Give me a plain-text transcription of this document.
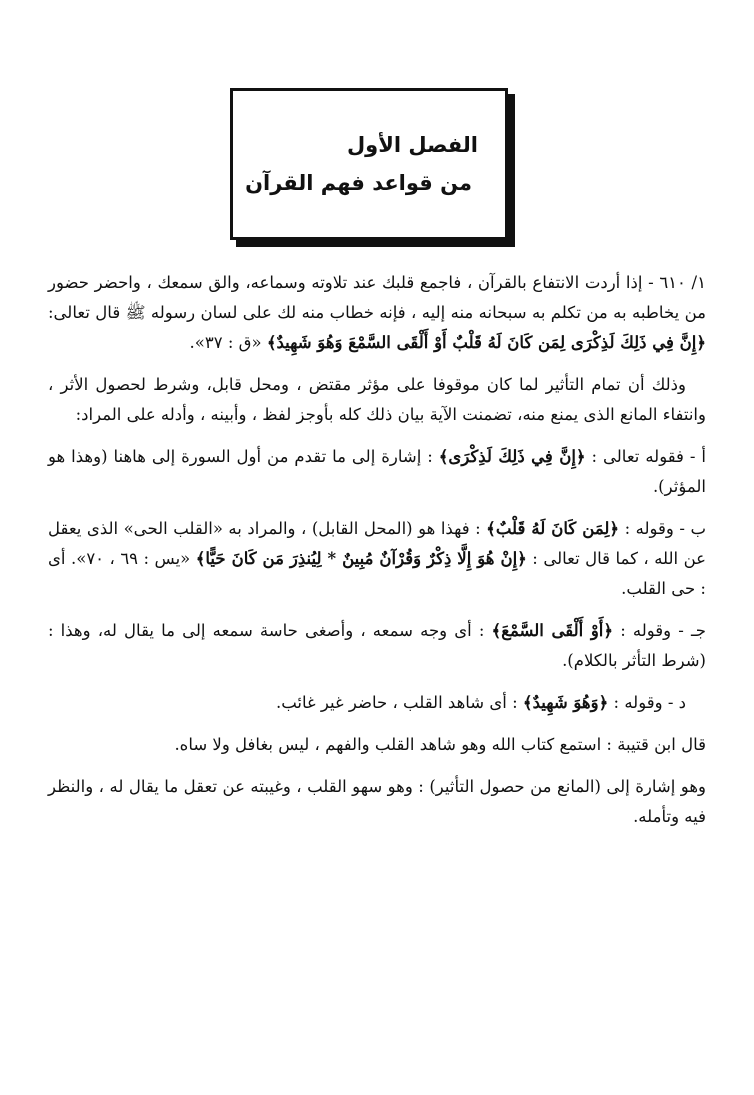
الفصل الأول
من قواعد فهم القرآن

١/ ٦١٠ - إذا أردت الانتفاع بالقرآن ، فاجمع قلبك عند تلاوته وسماعه، والق سمعك ، واحضر حضور من يخاطبه به من تكلم به سبحانه منه إليه ، فإنه خطاب منه لك على لسان رسوله ﷺ قال تعالى: ﴿إِنَّ فِي ذَلِكَ لَذِكْرَى لِمَن كَانَ لَهُ قَلْبٌ أَوْ أَلْقَى السَّمْعَ وَهُوَ شَهِيدٌ﴾ «ق : ٣٧».

وذلك أن تمام التأثير لما كان موقوفا على مؤثر مقتض ، ومحل قابل، وشرط لحصول الأثر ، وانتفاء المانع الذى يمنع منه، تضمنت الآية بيان ذلك كله بأوجز لفظ ، وأبينه ، وأدله على المراد:

أ - فقوله تعالى : ﴿إِنَّ فِي ذَلِكَ لَذِكْرَى﴾ : إشارة إلى ما تقدم من أول السورة إلى هاهنا (وهذا هو المؤثر).

ب - وقوله : ﴿لِمَن كَانَ لَهُ قَلْبٌ﴾ : فهذا هو (المحل القابل) ، والمراد به «القلب الحى» الذى يعقل عن الله ، كما قال تعالى : ﴿إِنْ هُوَ إِلَّا ذِكْرٌ وَقُرْآنٌ مُبِينٌ * لِيُنذِرَ مَن كَانَ حَيًّا﴾ «يس : ٦٩ ، ٧٠». أى : حى القلب.

جـ - وقوله : ﴿أَوْ أَلْقَى السَّمْعَ﴾ : أى وجه سمعه ، وأصغى حاسة سمعه إلى ما يقال له، وهذا : (شرط التأثر بالكلام).

د - وقوله : ﴿وَهُوَ شَهِيدٌ﴾ : أى شاهد القلب ، حاضر غير غائب.

قال ابن قتيبة : استمع كتاب الله وهو شاهد القلب والفهم ، ليس بغافل ولا ساه.

وهو إشارة إلى (المانع من حصول التأثير) : وهو سهو القلب ، وغيبته عن تعقل ما يقال له ، والنظر فيه وتأمله.
